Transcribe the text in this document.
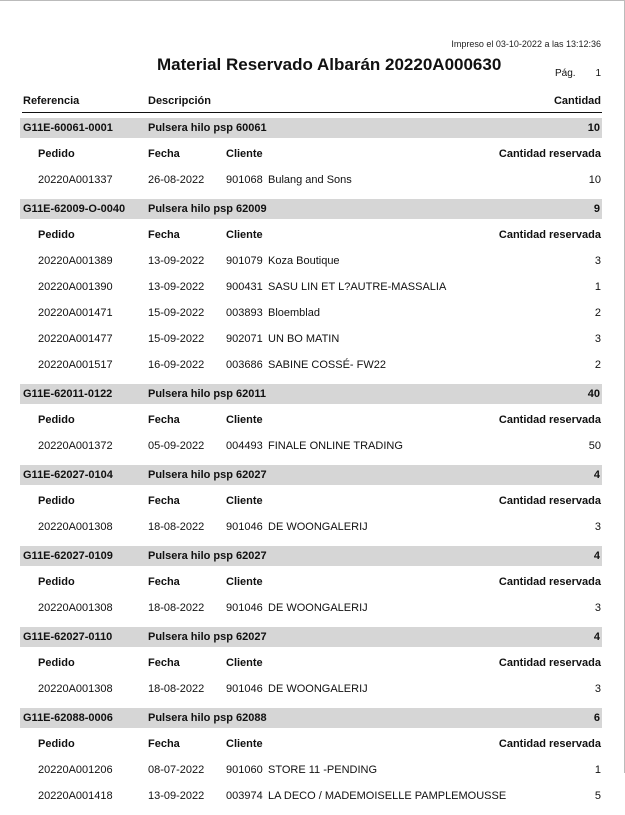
Impreso el 03-10-2022 a las 13:12:36
Material Reservado Albarán 20220A000630	Pág. 1
Referencia	Descripción	Cantidad
G11E-60061-0001	Pulsera hilo psp 60061	10
Pedido	Fecha	Cliente	Cantidad reservada
20220A001337	26-08-2022 901068 Bulang and Sons	10
G11E-62009-O-0040 Pulsera hilo psp 62009	9
Pedido	Fecha	Cliente	Cantidad reservada
20220A001389	13-09-2022 901079 Koza Boutique	3
20220A001390	13-09-2022 900431 SASU LIN ET L?AUTRE-MASSALIA	1
20220A001471	15-09-2022 003893 Bloemblad	2
20220A001477	15-09-2022 902071 UN BO MATIN	3
20220A001517	16-09-2022 003686 SABINE COSSÉ- FW22	2
G11E-62011-0122	Pulsera hilo psp 62011	40
Pedido	Fecha	Cliente	Cantidad reservada
20220A001372	05-09-2022 004493 FINALE ONLINE TRADING	50
G11E-62027-0104	Pulsera hilo psp 62027	4
Pedido	Fecha	Cliente	Cantidad reservada
20220A001308	18-08-2022 901046 DE WOONGALERIJ	3
G11E-62027-0109	Pulsera hilo psp 62027	4
Pedido	Fecha	Cliente	Cantidad reservada
20220A001308	18-08-2022 901046 DE WOONGALERIJ	3
G11E-62027-0110	Pulsera hilo psp 62027	4
Pedido	Fecha	Cliente	Cantidad reservada
20220A001308	18-08-2022 901046 DE WOONGALERIJ	3
G11E-62088-0006	Pulsera hilo psp 62088	6
Pedido	Fecha	Cliente	Cantidad reservada
20220A001206	08-07-2022 901060 STORE 11 -PENDING	1
20220A001418	13-09-2022 003974 LA DECO / MADEMOISELLE PAMPLEMOUSSE	5
